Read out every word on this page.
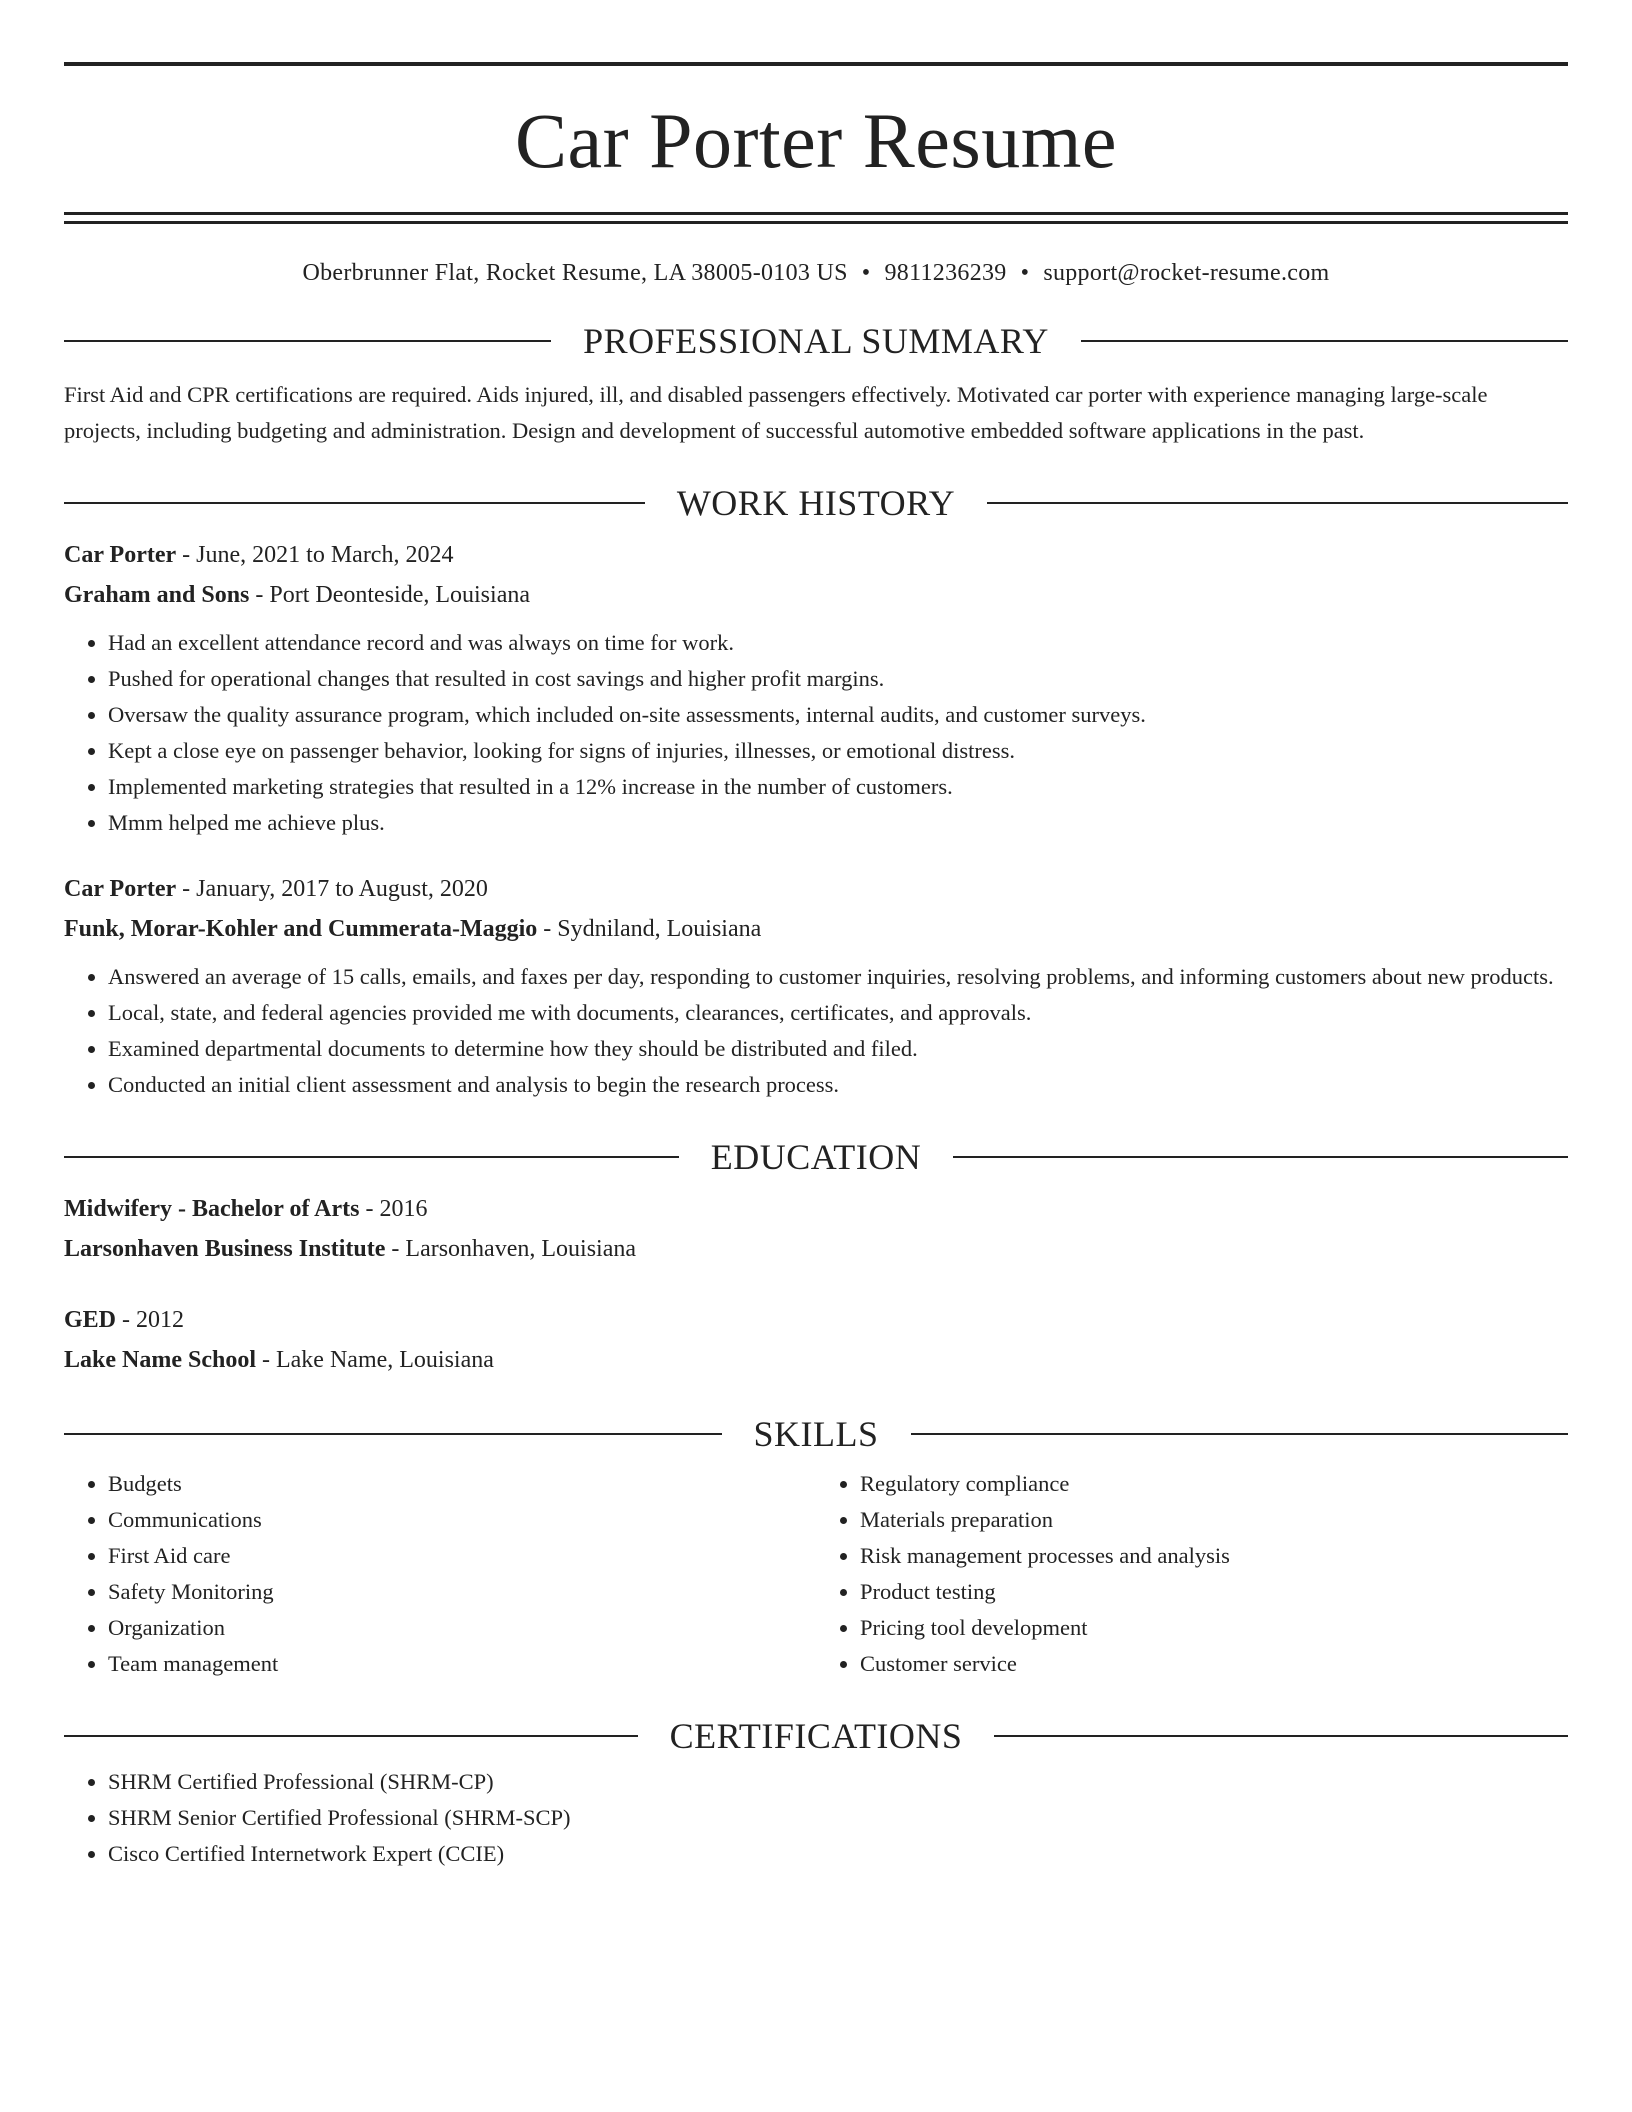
Car Porter Resume
Oberbrunner Flat, Rocket Resume, LA 38005-0103 US • 9811236239 • support@rocket-resume.com
PROFESSIONAL SUMMARY
First Aid and CPR certifications are required. Aids injured, ill, and disabled passengers effectively. Motivated car porter with experience managing large-scale projects, including budgeting and administration. Design and development of successful automotive embedded software applications in the past.
WORK HISTORY
Car Porter - June, 2021 to March, 2024
Graham and Sons - Port Deonteside, Louisiana
• Had an excellent attendance record and was always on time for work.
• Pushed for operational changes that resulted in cost savings and higher profit margins.
• Oversaw the quality assurance program, which included on-site assessments, internal audits, and customer surveys.
• Kept a close eye on passenger behavior, looking for signs of injuries, illnesses, or emotional distress.
• Implemented marketing strategies that resulted in a 12% increase in the number of customers.
• Mmm helped me achieve plus.
Car Porter - January, 2017 to August, 2020
Funk, Morar-Kohler and Cummerata-Maggio - Sydniland, Louisiana
• Answered an average of 15 calls, emails, and faxes per day, responding to customer inquiries, resolving problems, and informing customers about new products.
• Local, state, and federal agencies provided me with documents, clearances, certificates, and approvals.
• Examined departmental documents to determine how they should be distributed and filed.
• Conducted an initial client assessment and analysis to begin the research process.
EDUCATION
Midwifery - Bachelor of Arts - 2016
Larsonhaven Business Institute - Larsonhaven, Louisiana
GED - 2012
Lake Name School - Lake Name, Louisiana
SKILLS
• Budgets
• Communications
• First Aid care
• Safety Monitoring
• Organization
• Team management
• Regulatory compliance
• Materials preparation
• Risk management processes and analysis
• Product testing
• Pricing tool development
• Customer service
CERTIFICATIONS
• SHRM Certified Professional (SHRM-CP)
• SHRM Senior Certified Professional (SHRM-SCP)
• Cisco Certified Internetwork Expert (CCIE)
